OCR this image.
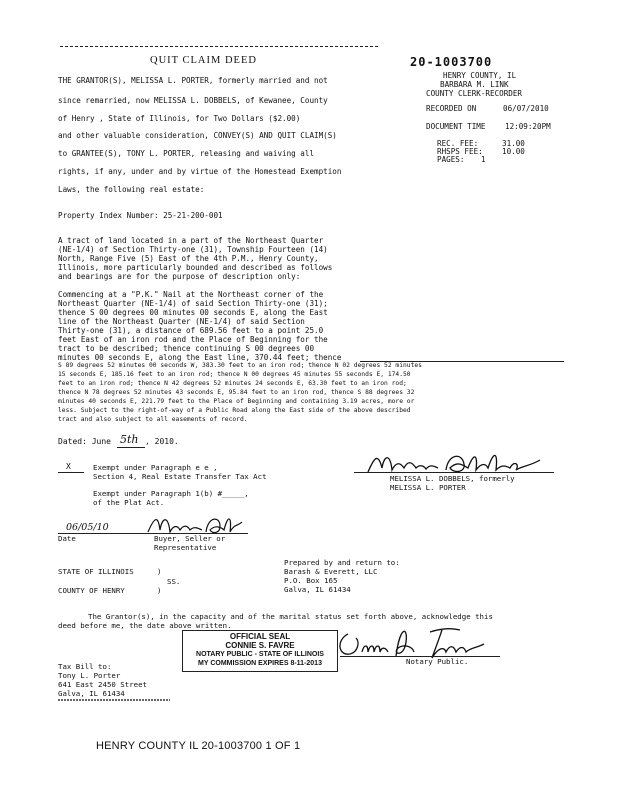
QUIT CLAIM DEED	20-1003700
HENRY COUNTY, IL
BARBARA M. LINK
COUNTY CLERK-RECORDER
RECORDED ON	06/07/2010
DOCUMENT TIME	12:09:20PM
REC. FEE:	31.00
RHSPS FEE:	10.00
PAGES: 1
THE GRANTOR(S), MELISSA L. PORTER, formerly married and not
since remarried, now MELISSA L. DOBBELS, of Kewanee, County
of Henry , State of Illinois, for Two Dollars ($2.00)
and other valuable consideration, CONVEY(S) AND QUIT CLAIM(S)
to GRANTEE(S), TONY L. PORTER, releasing and waiving all
rights, if any, under and by virtue of the Homestead Exemption
Laws, the following real estate:
Property Index Number: 25-21-200-001
A tract of land located in a part of the Northeast Quarter
(NE-1/4) of Section Thirty-one (31), Township Fourteen (14)
North, Range Five (5) East of the 4th P.M., Henry County,
Illinois, more particularly bounded and described as follows
and bearings are for the purpose of description only:
Commencing at a "P.K." Nail at the Northeast corner of the
Northeast Quarter (NE-1/4) of said Section Thirty-one (31);
thence S 00 degrees 00 minutes 00 seconds E, along the East
line of the Northeast Quarter (NE-1/4) of said Section
Thirty-one (31), a distance of 689.56 feet to a point 25.0
feet East of an iron rod and the Place of Beginning for the
tract to be described; thence continuing S 00 degrees 00
minutes 00 seconds E, along the East line, 370.44 feet; thence
S 89 degrees 52 minutes 00 seconds W, 383.30 feet to an iron rod; thence N 02 degrees 52 minutes
15 seconds E, 185.16 feet to an iron rod; thence N 00 degrees 45 minutes 55 seconds E, 174.50
feet to an iron rod; thence N 42 degrees 52 minutes 24 seconds E, 63.30 feet to an iron rod;
thence N 78 degrees 52 minutes 43 seconds E, 95.84 feet to an iron rod, thence S 88 degrees 32
minutes 40 seconds E, 221.79 feet to the Place of Beginning and containing 3.19 acres, more or
less. Subject to the right-of-way of a Public Road along the East side of the above described
tract and also subject to all easements of record.
Dated: June 5th , 2010.
X	Exempt under Paragraph e e ,
Section 4, Real Estate Transfer Tax Act
Exempt under Paragraph 1(b) #_____,
of the Plat Act.
MELISSA L. DOBBELS, formerly
MELISSA L. PORTER
06/05/10
Date	Buyer, Seller or
Representative
STATE OF ILLINOIS	)
SS.
COUNTY OF HENRY	)
Prepared by and return to:
Barash & Everett, LLC
P.O. Box 165
Galva, IL 61434
The Grantor(s), in the capacity and of the marital status set forth above, acknowledge this
deed before me, the date above written.
OFFICIAL SEAL
CONNIE S. FAVRE
NOTARY PUBLIC - STATE OF ILLINOIS
MY COMMISSION EXPIRES 8-11-2013	Notary Public.
Tax Bill to:
Tony L. Porter
641 East 2450 Street
Galva, IL 61434
HENRY COUNTY IL 20-1003700 1 OF 1
